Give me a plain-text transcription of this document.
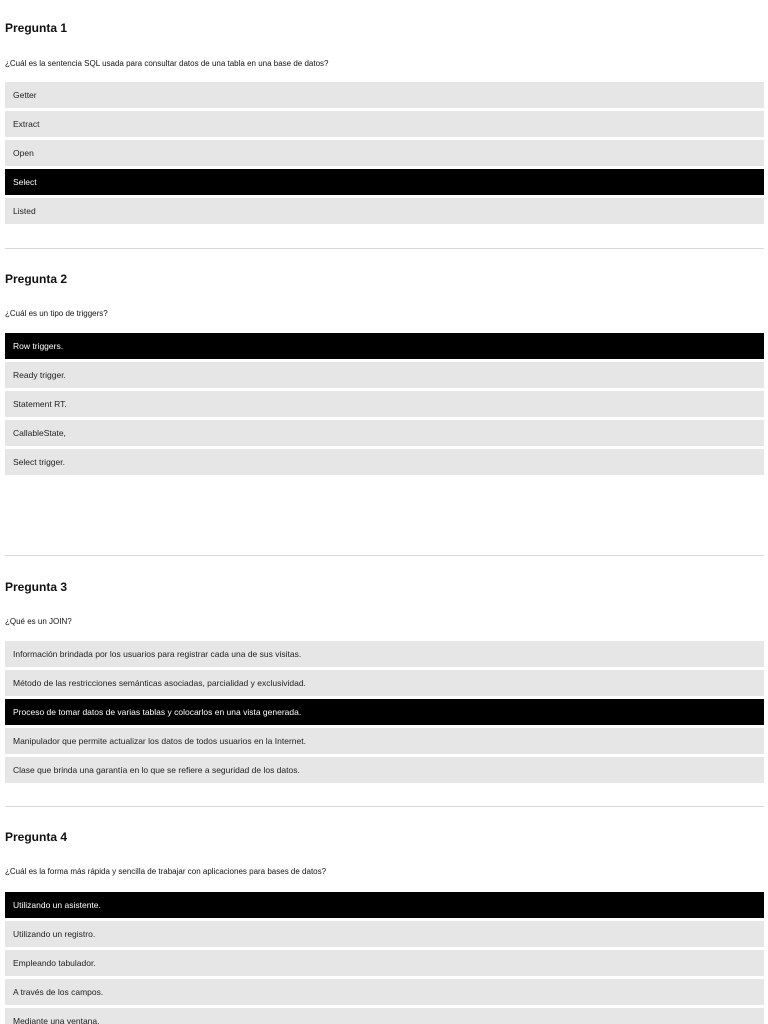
Pregunta 1

¿Cuál es la sentencia SQL usada para consultar datos de una tabla en una base de datos?

Getter
Extract
Open
Select
Listed
Pregunta 2

¿Cuál es un tipo de triggers?

Row triggers.
Ready trigger.
Statement RT.
CallableState,
Select trigger.
Pregunta 3

¿Qué es un JOIN?

Información brindada por los usuarios para registrar cada una de sus visitas.
Método de las restricciones semánticas asociadas, parcialidad y exclusividad.
Proceso de tomar datos de varias tablas y colocarlos en una vista generada.
Manipulador que permite actualizar los datos de todos usuarios en la Internet.
Clase que brinda una garantía en lo que se refiere a seguridad de los datos.
Pregunta 4

¿Cuál es la forma más rápida y sencilla de trabajar con aplicaciones para bases de datos?

Utilizando un asistente.
Utilizando un registro.
Empleando tabulador.
A través de los campos.
Mediante una ventana.
